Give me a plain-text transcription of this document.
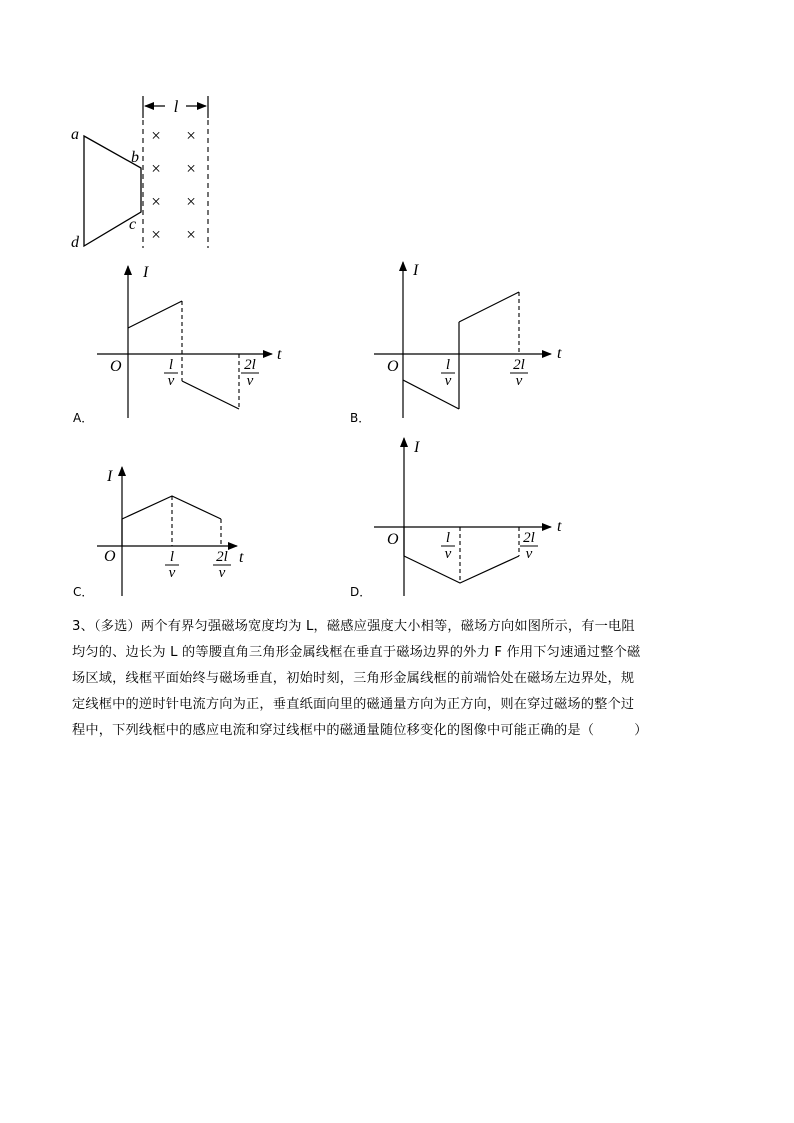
l
× ×
× ×
× ×
× ×
a
b
c
d
I
t
O	l
v
2l
v
I
t
O	l
v
2l
v
I
t
O	l
v
2l
v
I
t
O	l
v
2l
v
A．	B．
C．	D．

3、（多选）两个有界匀强磁场宽度均为 L，磁感应强度大小相等，磁场方向如图所示，有一电阻

均匀的、边长为 L 的等腰直角三角形金属线框在垂直于磁场边界的外力 F 作用下匀速通过整个磁

场区域，线框平面始终与磁场垂直，初始时刻，三角形金属线框的前端恰处在磁场左边界处，规

定线框中的逆时针电流方向为正，垂直纸面向里的磁通量方向为正方向，则在穿过磁场的整个过

程中，下列线框中的感应电流和穿过线框中的磁通量随位移变化的图像中可能正确的是（　　　）
